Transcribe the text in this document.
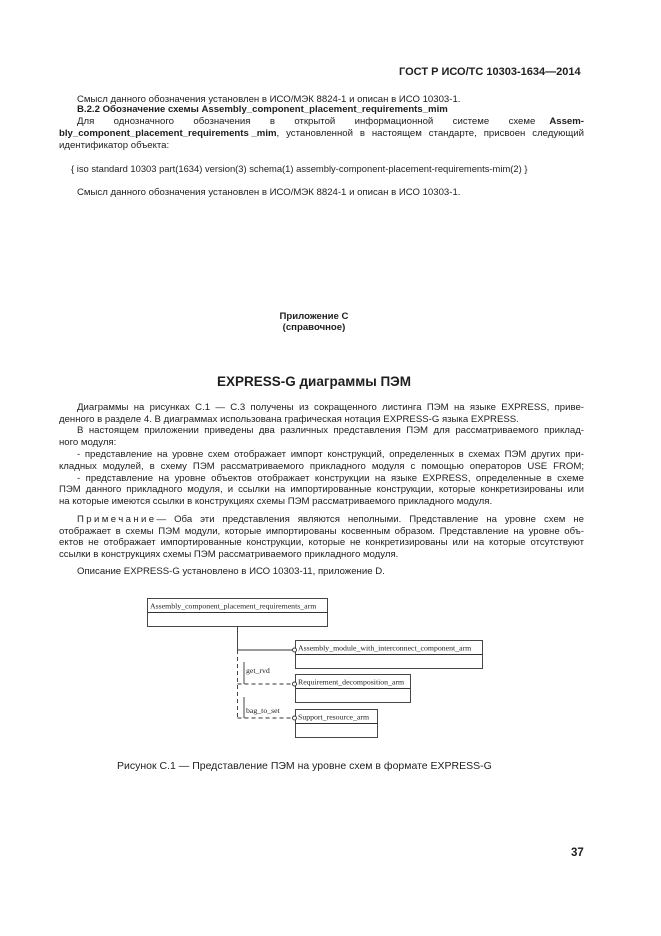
ГОСТ Р ИСО/ТС 10303-1634—2014
Смысл данного обозначения установлен в ИСО/МЭК 8824-1 и описан в ИСО 10303-1.
В.2.2 Обозначение схемы Assembly_component_placement_requirements_mim
Для однозначного обозначения в открытой информационной системе схеме	Assem-
bly_component_placement_requirements _mim , установленной в настоящем стандарте, присвоен следующий
идентификатор объекта:
{ iso standard 10303 part(1634) version(3) schema(1) assembly-component-placement-requirements-mim(2) }
Смысл данного обозначения установлен в ИСО/МЭК 8824-1 и описан в ИСО 10303-1.
Приложение С
(справочное)
EXPRESS-G диаграммы ПЭМ
Диаграммы на рисунках С.1 — С.3 получены из сокращенного листинга ПЭМ на языке EXPRESS, приве-
денного в разделе 4. В диаграммах использована графическая нотация EXPRESS-G языка EXPRESS.
В настоящем приложении приведены два различных представления ПЭМ для рассматриваемого приклад-
ного модуля:
- представление на уровне схем отображает импорт конструкций, определенных в схемах ПЭМ других при-
кладных модулей, в схему ПЭМ рассматриваемого прикладного модуля с помощью операторов USE FROM;
- представление на уровне объектов отображает конструкции на языке EXPRESS, определенные в схеме
ПЭМ данного прикладного модуля, и ссылки на импортированные конструкции, которые конкретизированы или
на которые имеются ссылки в конструкциях схемы ПЭМ рассматриваемого прикладного модуля.
Примечание — Оба эти представления являются неполными. Представление на уровне схем не
отображает в схемы ПЭМ модули, которые импортированы косвенным образом. Представление на уровне объ-
ектов не отображает импортированные конструкции, которые не конкретизированы или на которые отсутствуют
ссылки в конструкциях схемы ПЭМ рассматриваемого прикладного модуля.
Описание EXPRESS-G установлено в ИСО 10303-11, приложение D.
Assembly_component_placement_requirements_arm
Assembly_module_with_interconnect_component_arm
Requirement_decomposition_arm
Support_resource_arm
get_rvd
bag_to_set
Рисунок С.1 — Представление ПЭМ на уровне схем в формате EXPRESS-G
37
